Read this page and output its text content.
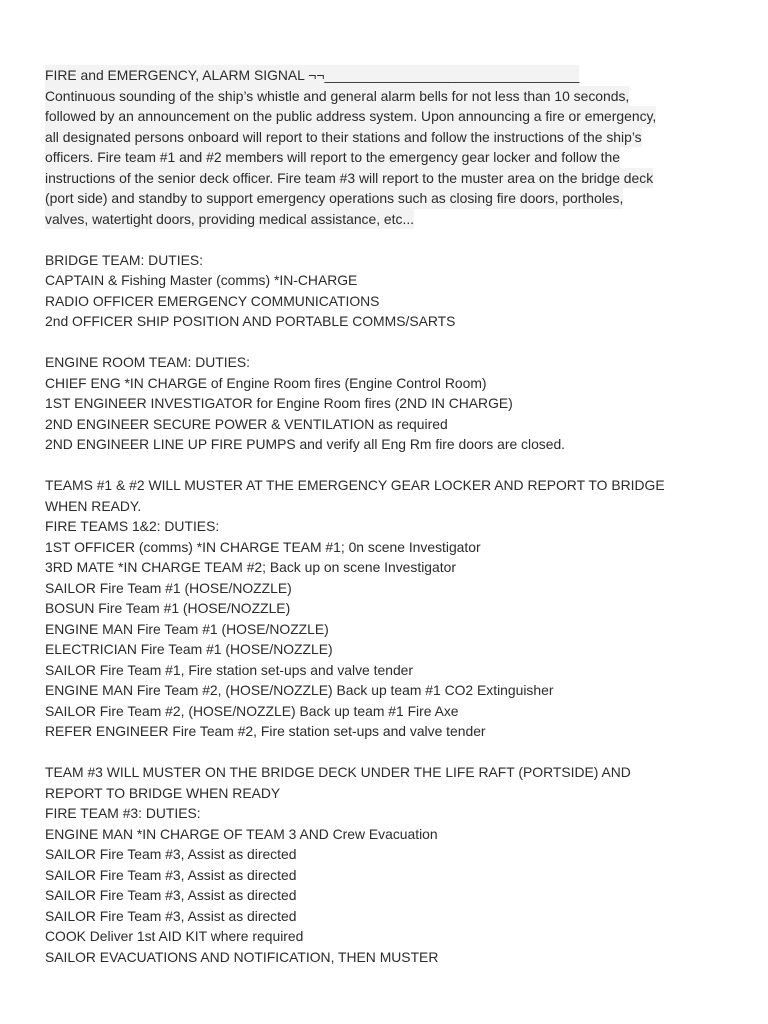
FIRE and EMERGENCY, ALARM SIGNAL ¬¬_________________________________
Continuous sounding of the ship’s whistle and general alarm bells for not less than 10 seconds,
followed by an announcement on the public address system. Upon announcing a fire or emergency,
all designated persons onboard will report to their stations and follow the instructions of the ship’s
officers. Fire team #1 and #2 members will report to the emergency gear locker and follow the
instructions of the senior deck officer. Fire team #3 will report to the muster area on the bridge deck
(port side) and standby to support emergency operations such as closing fire doors, portholes,
valves, watertight doors, providing medical assistance, etc...
BRIDGE TEAM: DUTIES:
CAPTAIN & Fishing Master (comms) *IN-CHARGE
RADIO OFFICER EMERGENCY COMMUNICATIONS
2nd OFFICER SHIP POSITION AND PORTABLE COMMS/SARTS
ENGINE ROOM TEAM: DUTIES:
CHIEF ENG *IN CHARGE of Engine Room fires (Engine Control Room)
1ST ENGINEER INVESTIGATOR for Engine Room fires (2ND IN CHARGE)
2ND ENGINEER SECURE POWER & VENTILATION as required
2ND ENGINEER LINE UP FIRE PUMPS and verify all Eng Rm fire doors are closed.
TEAMS #1 & #2 WILL MUSTER AT THE EMERGENCY GEAR LOCKER AND REPORT TO BRIDGE
WHEN READY.
FIRE TEAMS 1&2: DUTIES:
1ST OFFICER (comms) *IN CHARGE TEAM #1; 0n scene Investigator
3RD MATE *IN CHARGE TEAM #2; Back up on scene Investigator
SAILOR Fire Team #1 (HOSE/NOZZLE)
BOSUN Fire Team #1 (HOSE/NOZZLE)
ENGINE MAN Fire Team #1 (HOSE/NOZZLE)
ELECTRICIAN Fire Team #1 (HOSE/NOZZLE)
SAILOR Fire Team #1, Fire station set-ups and valve tender
ENGINE MAN Fire Team #2, (HOSE/NOZZLE) Back up team #1 CO2 Extinguisher
SAILOR Fire Team #2, (HOSE/NOZZLE) Back up team #1 Fire Axe
REFER ENGINEER Fire Team #2, Fire station set-ups and valve tender
TEAM #3 WILL MUSTER ON THE BRIDGE DECK UNDER THE LIFE RAFT (PORTSIDE) AND
REPORT TO BRIDGE WHEN READY
FIRE TEAM #3: DUTIES:
ENGINE MAN *IN CHARGE OF TEAM 3 AND Crew Evacuation
SAILOR Fire Team #3, Assist as directed
SAILOR Fire Team #3, Assist as directed
SAILOR Fire Team #3, Assist as directed
SAILOR Fire Team #3, Assist as directed
COOK Deliver 1st AID KIT where required
SAILOR EVACUATIONS AND NOTIFICATION, THEN MUSTER
